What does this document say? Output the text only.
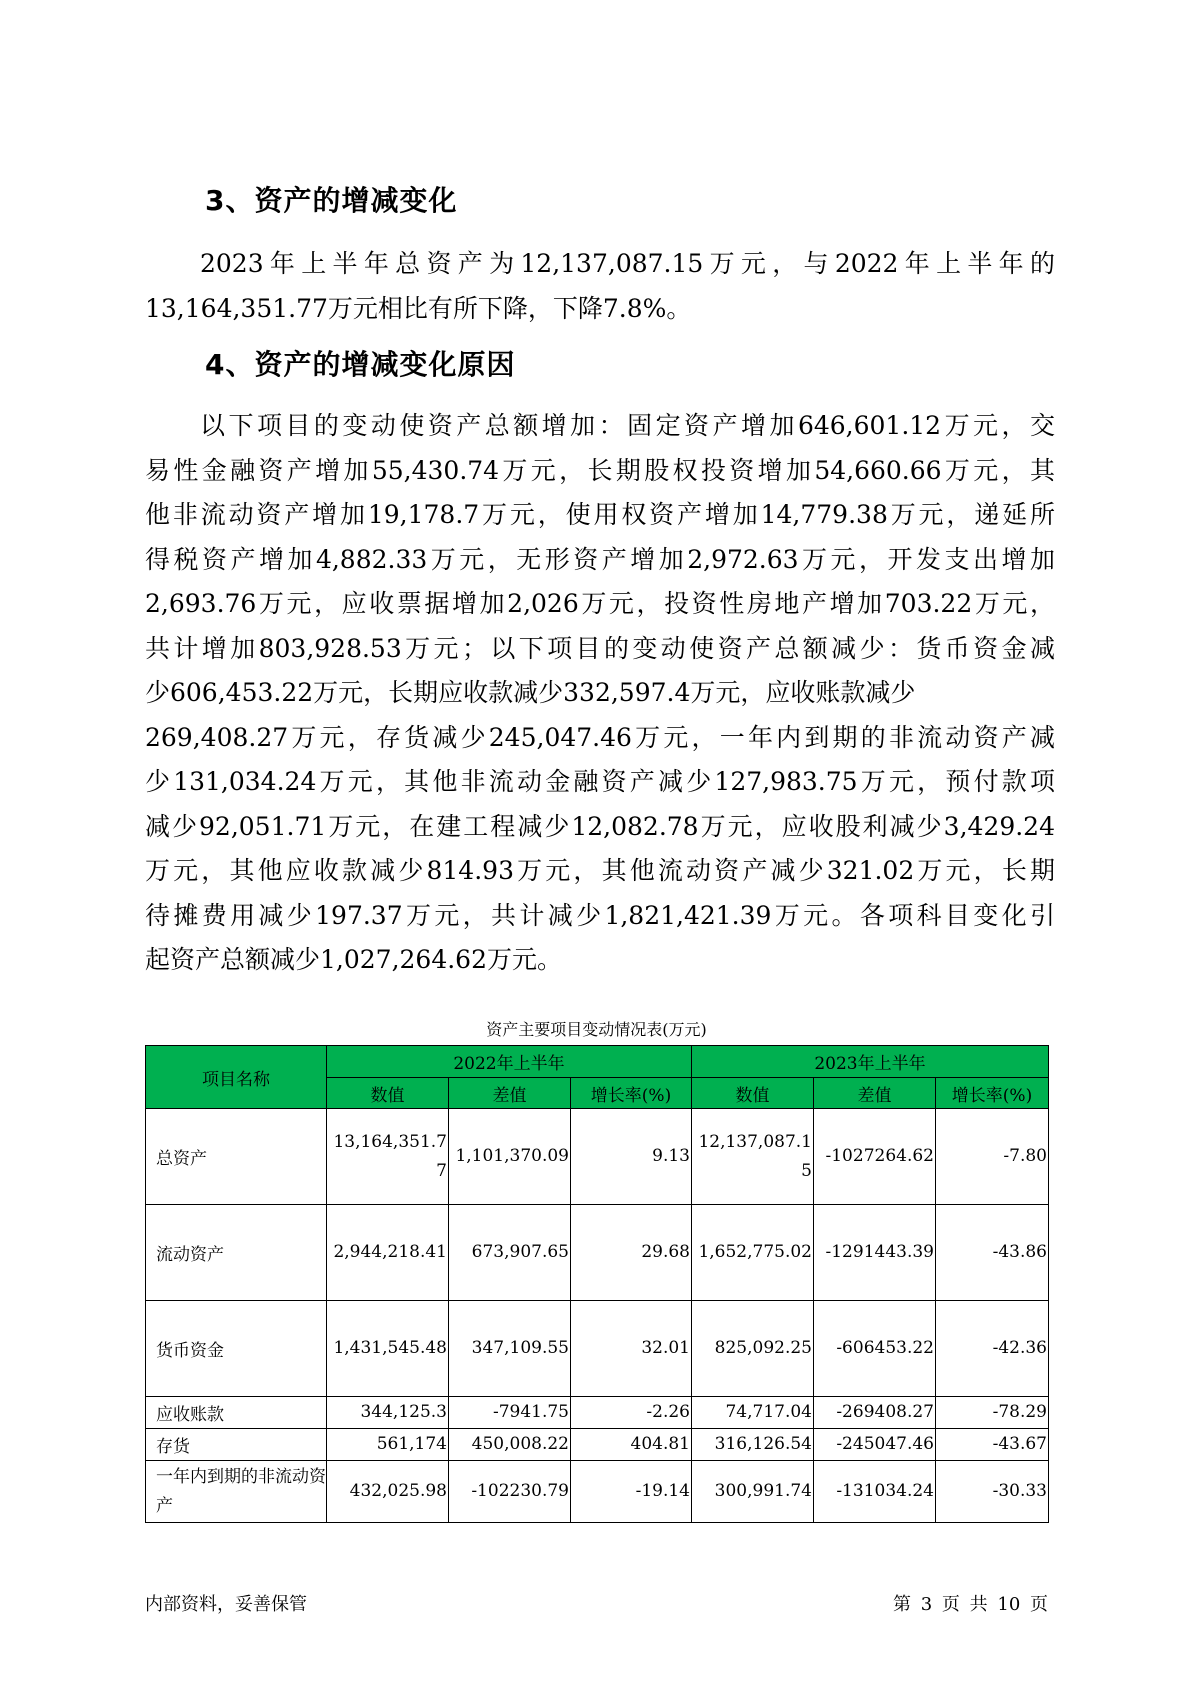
3、资产的增减变化
2023年上半年总资产为12,137,087.15万元，与2022年上半年的
13,164,351.77万元相比有所下降，下降7.8%。
4、资产的增减变化原因
以下项目的变动使资产总额增加：固定资产增加646,601.12万元，交
易性金融资产增加55,430.74万元，长期股权投资增加54,660.66万元，其
他非流动资产增加19,178.7万元，使用权资产增加14,779.38万元，递延所
得税资产增加4,882.33万元，无形资产增加2,972.63万元，开发支出增加
2,693.76万元，应收票据增加2,026万元，投资性房地产增加703.22万元，
共计增加803,928.53万元；以下项目的变动使资产总额减少：货币资金减
少606,453.22万元，长期应收款减少332,597.4万元，应收账款减少
269,408.27万元，存货减少245,047.46万元，一年内到期的非流动资产减
少131,034.24万元，其他非流动金融资产减少127,983.75万元，预付款项
减少92,051.71万元，在建工程减少12,082.78万元，应收股利减少3,429.24
万元，其他应收款减少814.93万元，其他流动资产减少321.02万元，长期
待摊费用减少197.37万元，共计减少1,821,421.39万元。各项科目变化引
起资产总额减少1,027,264.62万元。
资产主要项目变动情况表(万元)
项目名称	2022年上半年			2023年上半年		
	数值	差值	增长率(%)	数值	差值	增长率(%)
总资产	13,164,351.77	1,101,370.09	9.13	12,137,087.15	-1027264.62	-7.80
流动资产	2,944,218.41	673,907.65	29.68	1,652,775.02	-1291443.39	-43.86
货币资金	1,431,545.48	347,109.55	32.01	825,092.25	-606453.22	-42.36
应收账款	344,125.3	-7941.75	-2.26	74,717.04	-269408.27	-78.29
存货	561,174	450,008.22	404.81	316,126.54	-245047.46	-43.67
一年内到期的非流动资产	432,025.98	-102230.79	-19.14	300,991.74	-131034.24	-30.33
内部资料，妥善保管	第 3 页 共 10 页
